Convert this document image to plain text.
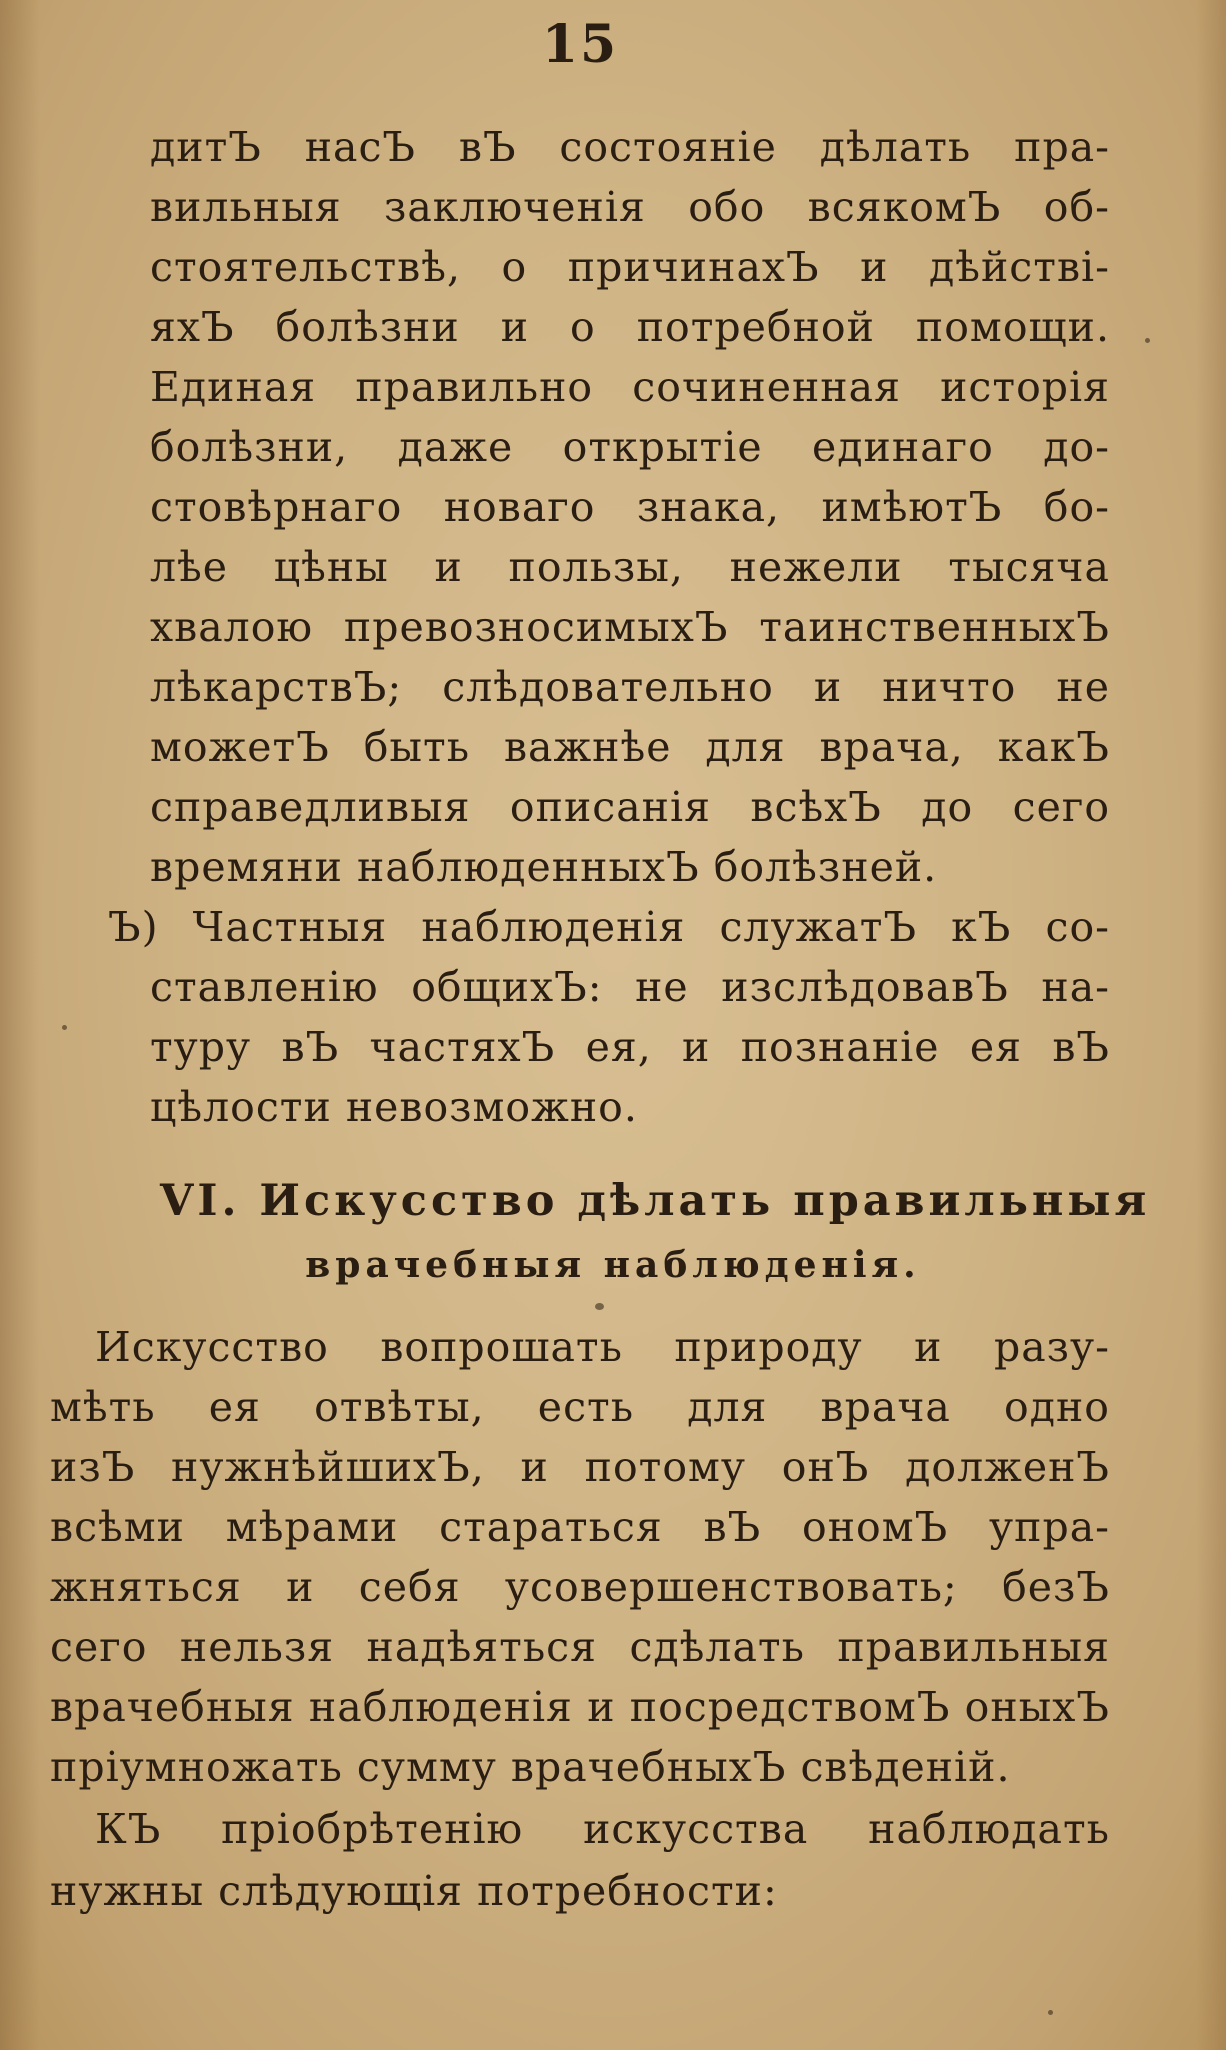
15
дитЪ насЪ вЪ состояніе дѣлать пра-
вильныя заключенія обо всякомЪ об-
стоятельствѣ, о причинахЪ и дѣйстві-
яхЪ болѣзни и о потребной помощи.
Единая правильно сочиненная исторія
болѣзни, даже открытіе единаго до-
стовѣрнаго новаго знака, имѣютЪ бо-
лѣе цѣны и пользы, нежели тысяча
хвалою превозносимыхЪ таинственныхЪ
лѣкарствЪ; слѣдовательно и ничто не
можетЪ быть важнѣе для врача, какЪ
справедливыя описанія всѣхЪ до сего
времяни наблюденныхЪ болѣзней.
Ъ) Частныя наблюденія служатЪ кЪ со-
ставленію общихЪ: не изслѣдовавЪ на-
туру вЪ частяхЪ ея, и познаніе ея вЪ
цѣлости невозможно.
VI. Искусство дѣлать правильныя
врачебныя наблюденія.
Искусство вопрошать природу и разу-
мѣть ея отвѣты, есть для врача одно
изЪ нужнѣйшихЪ, и потому онЪ долженЪ
всѣми мѣрами стараться вЪ ономЪ упра-
жняться и себя усовершенствовать; безЪ
сего нельзя надѣяться сдѣлать правильныя
врачебныя наблюденія и посредствомЪ оныхЪ
пріумножать сумму врачебныхЪ свѣденій.
КЪ пріобрѣтенію искусства наблюдать
нужны слѣдующія потребности:
